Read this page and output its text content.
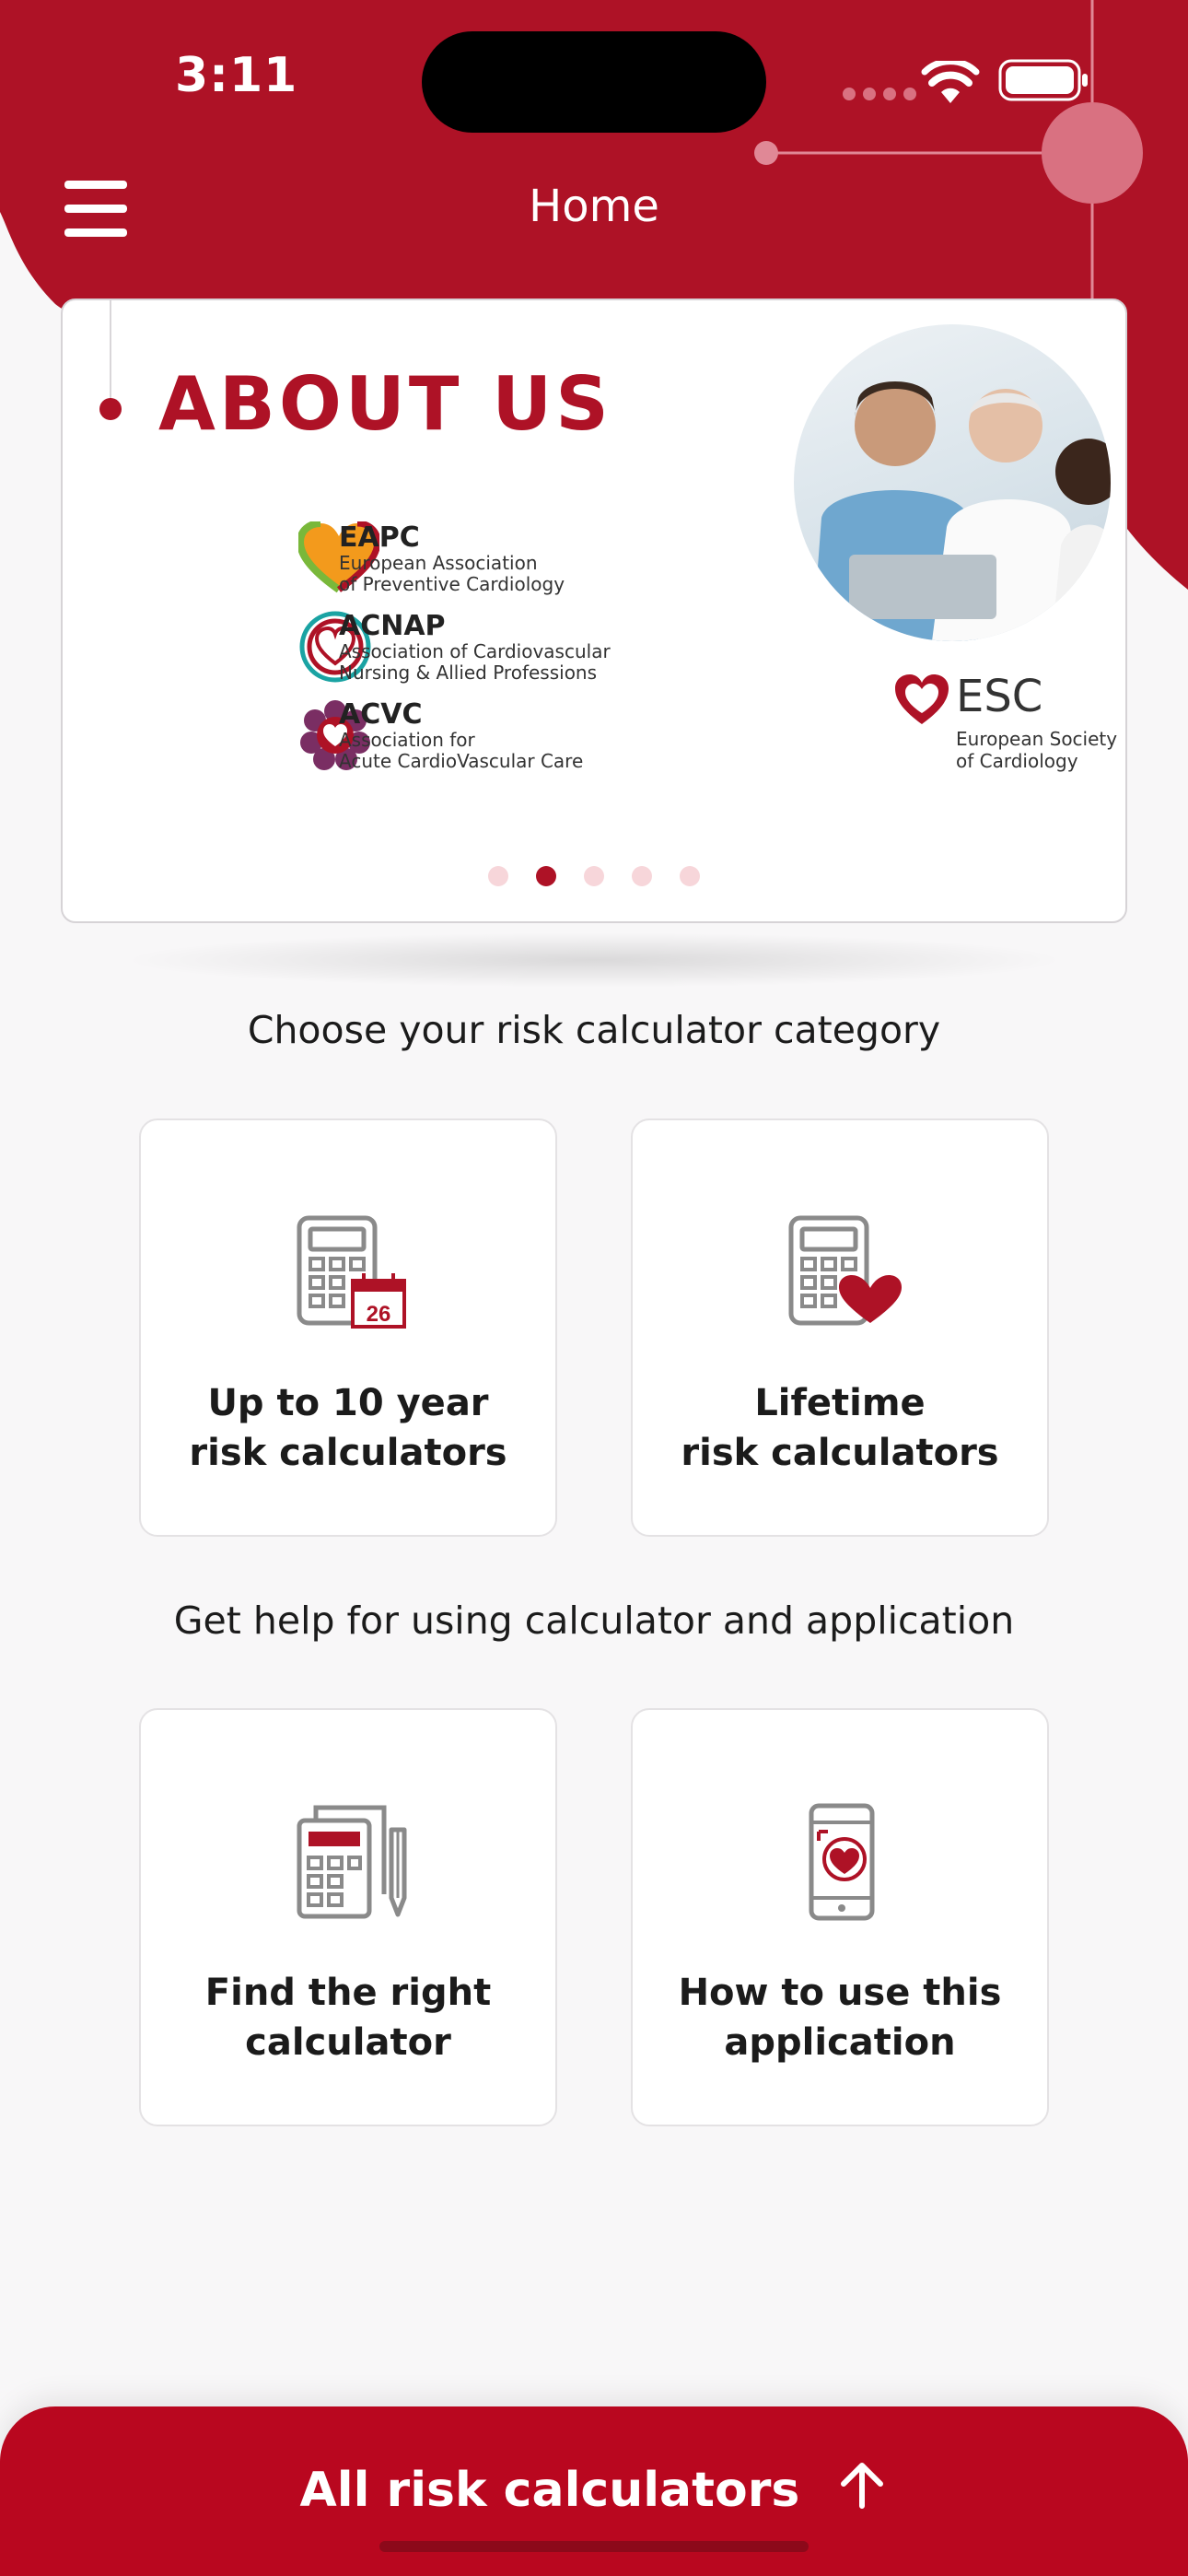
3:11
Home
ABOUT US
EAPC
European Association
of Preventive Cardiology
ACNAP
Association of Cardiovascular
Nursing & Allied Professions
ACVC
Association for
Acute CardioVascular Care
ESC
European Society
of Cardiology
Choose your risk calculator category
26
Up to 10 year
risk calculators
Lifetime
risk calculators
Get help for using calculator and application
Find the right
calculator
How to use this
application
All risk calculators
